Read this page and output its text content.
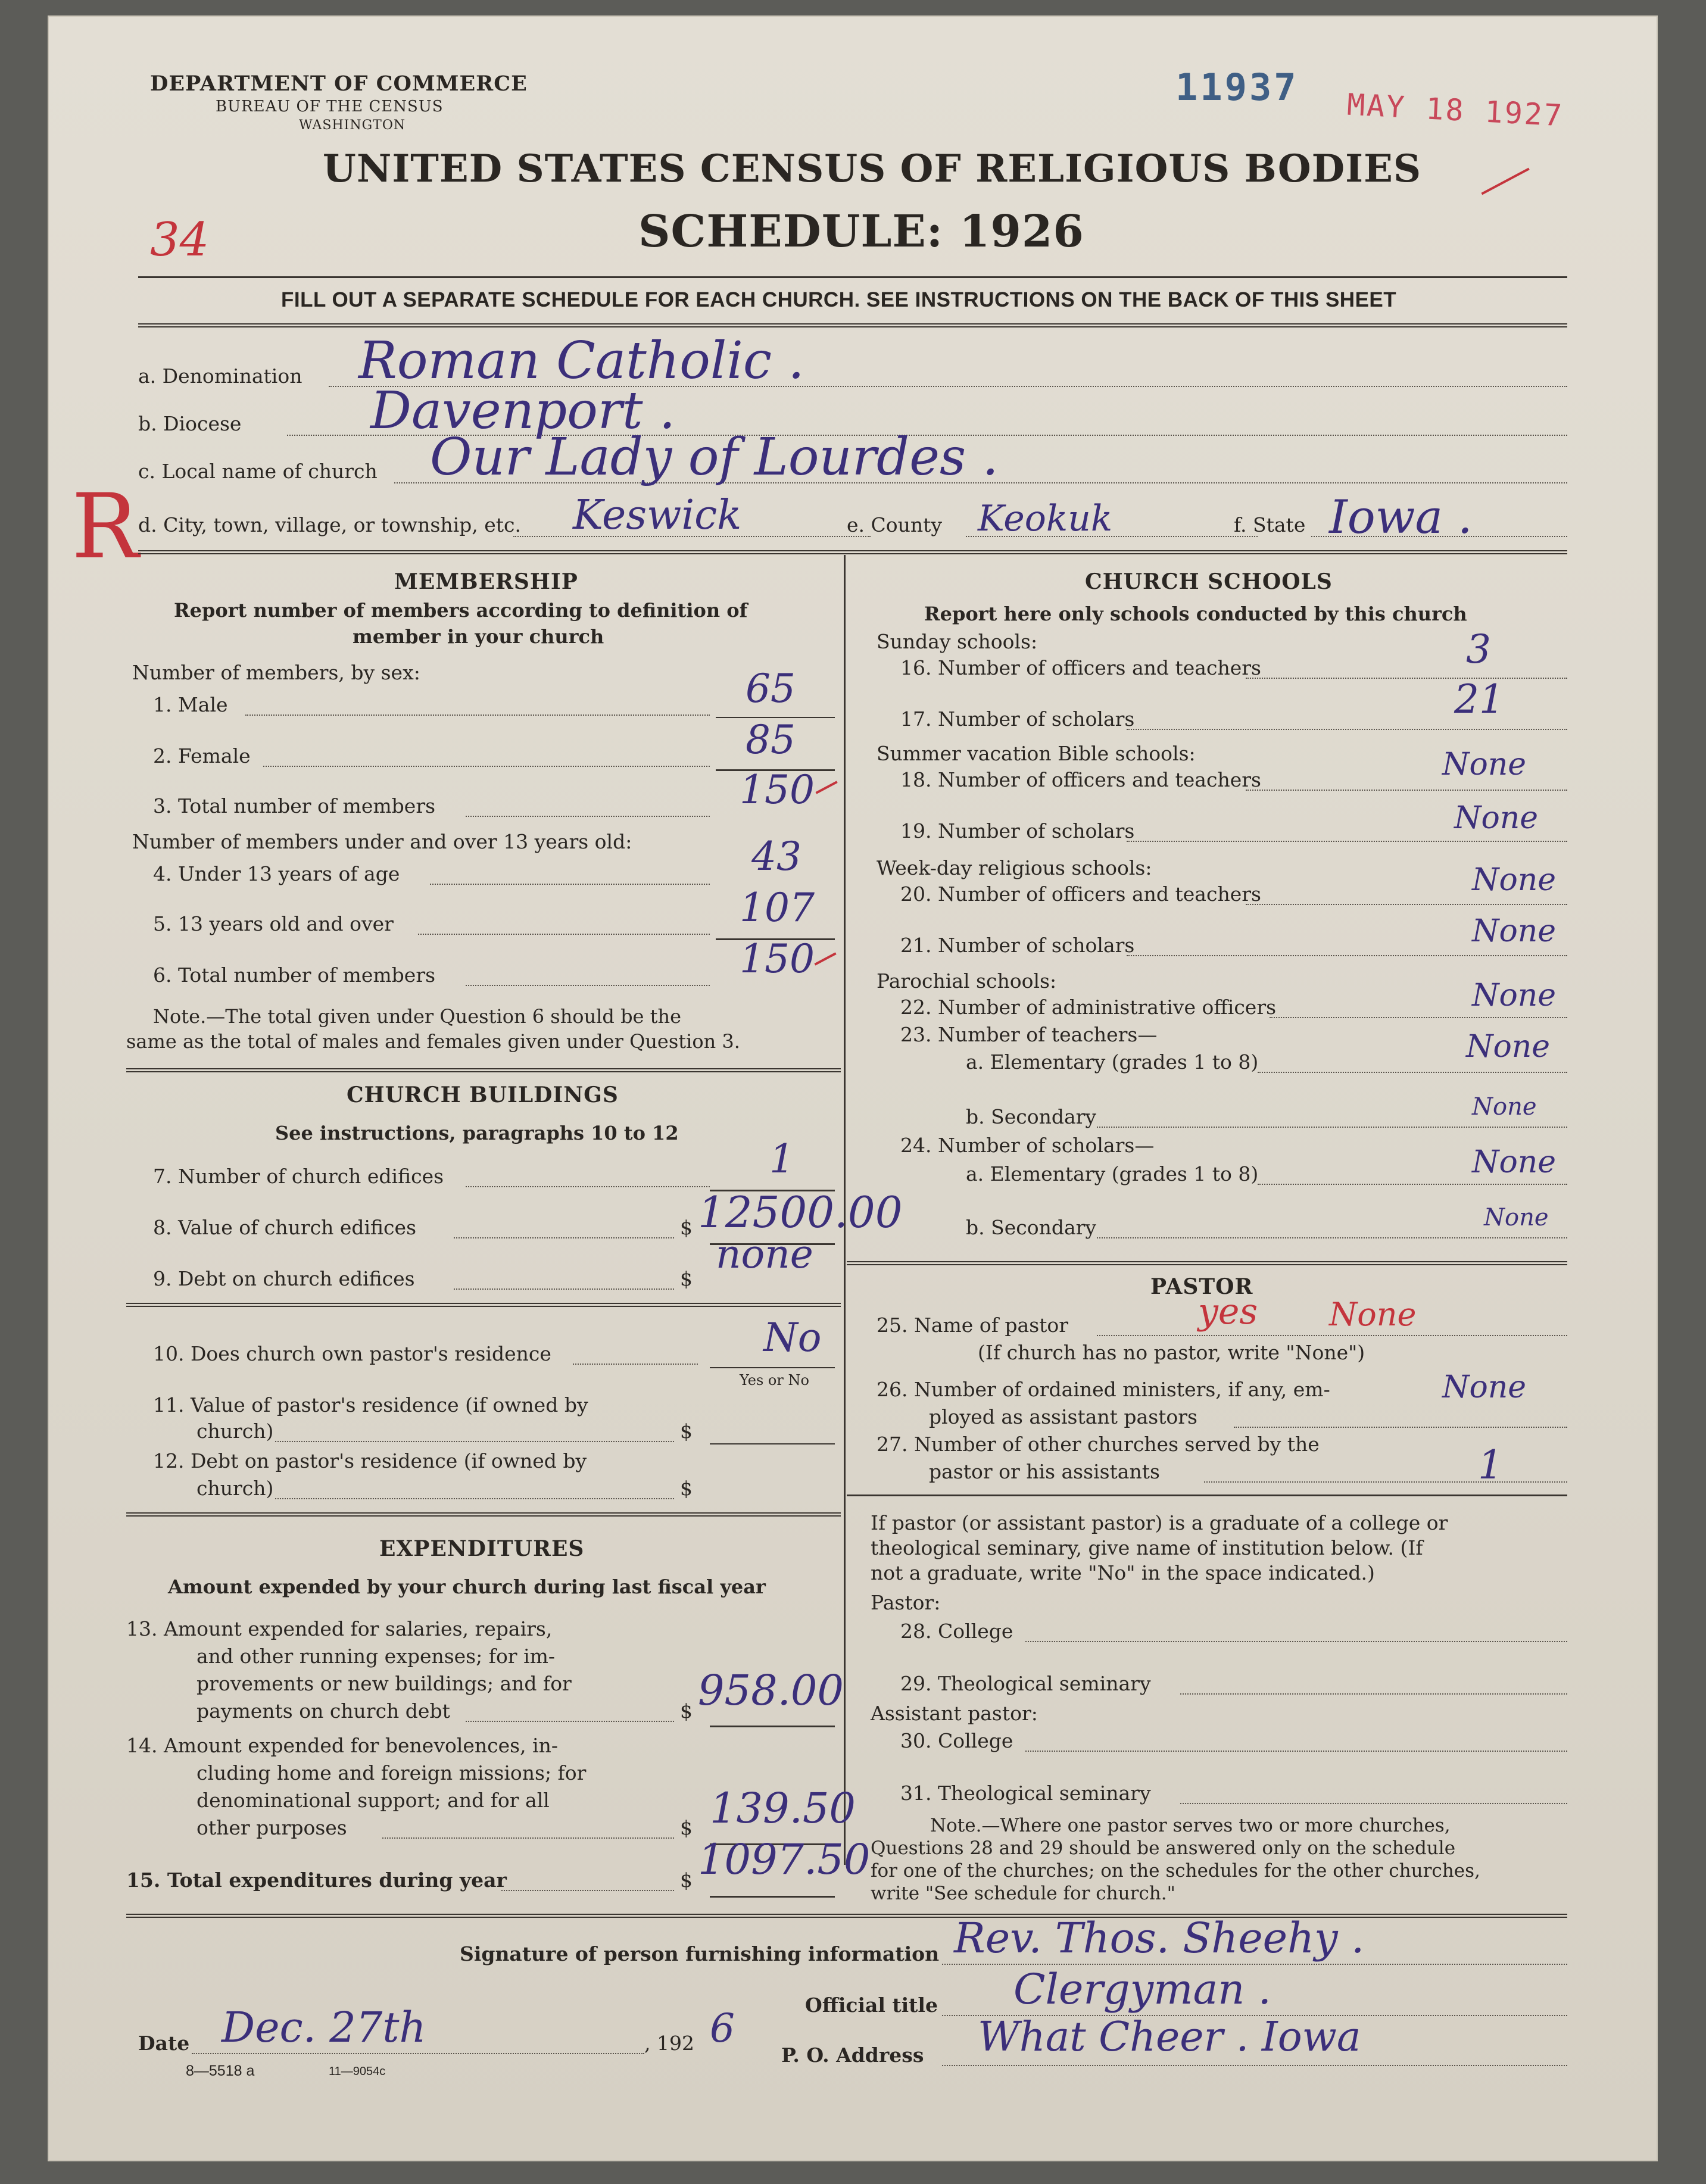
DEPARTMENT OF COMMERCE
BUREAU OF THE CENSUS
WASHINGTON
11937
MAY 18 1927
UNITED STATES CENSUS OF RELIGIOUS BODIES
SCHEDULE: 1926
34
FILL OUT A SEPARATE SCHEDULE FOR EACH CHURCH. SEE INSTRUCTIONS ON THE BACK OF THIS SHEET
a. Denomination Roman Catholic .
b. Diocese	Davenport .
c. Local name of church Our Lady of Lourdes .
R d. City, town, village, or township, etc. Keswick	e. County Keokuk	f. State Iowa .
MEMBERSHIP
Report number of members according to definition of
member in your church
Number of members, by sex:
1. Male	65
2. Female	85
3. Total number of members	150
Number of members under and over 13 years old:
4. Under 13 years of age	43
5. 13 years old and over	107
6. Total number of members	150
Note.—The total given under Question 6 should be the
same as the total of males and females given under Question 3.
CHURCH BUILDINGS
See instructions, paragraphs 10 to 12
7. Number of church edifices	1
8. Value of church edifices	$ 12500.00
9. Debt on church edifices	$
none
10. Does church own pastor's residence	No
Yes or No
11. Value of pastor's residence (if owned by
church)	$
12. Debt on pastor's residence (if owned by
church)	$
EXPENDITURES
Amount expended by your church during last fiscal year
13. Amount expended for salaries, repairs,
and other running expenses; for im-
provements or new buildings; and for
payments on church debt	$ 958.00
14. Amount expended for benevolences, in-
cluding home and foreign missions; for
denominational support; and for all
other purposes	$ 139.50
15. Total expenditures during year	$ 1097.50
CHURCH SCHOOLS
Report here only schools conducted by this church
Sunday schools:
16. Number of officers and teachers	3
17. Number of scholars	21
Summer vacation Bible schools:
18. Number of officers and teachers	None
19. Number of scholars	None
Week-day religious schools:
20. Number of officers and teachers	None
21. Number of scholars	None
Parochial schools:
22. Number of administrative officers	None
23. Number of teachers—
a. Elementary (grades 1 to 8)	None
b. Secondary	None
24. Number of scholars—
a. Elementary (grades 1 to 8)	None
b. Secondary	None
PASTOR
25. Name of pastor	yes None
(If church has no pastor, write "None")
26. Number of ordained ministers, if any, em-
ployed as assistant pastors
None
27. Number of other churches served by the
pastor or his assistants	1
If pastor (or assistant pastor) is a graduate of a college or
theological seminary, give name of institution below. (If
not a graduate, write "No" in the space indicated.)
Pastor:
28. College
29. Theological seminary
Assistant pastor:
30. College
31. Theological seminary
Note.—Where one pastor serves two or more churches,
Questions 28 and 29 should be answered only on the schedule
for one of the churches; on the schedules for the other churches,
write "See schedule for church."
Signature of person furnishing information Rev. Thos. Sheehy .
Official title Clergyman .
P. O. Address What Cheer . Iowa
Date Dec. 27th	, 192 6
8—5518 a	11—9054c
